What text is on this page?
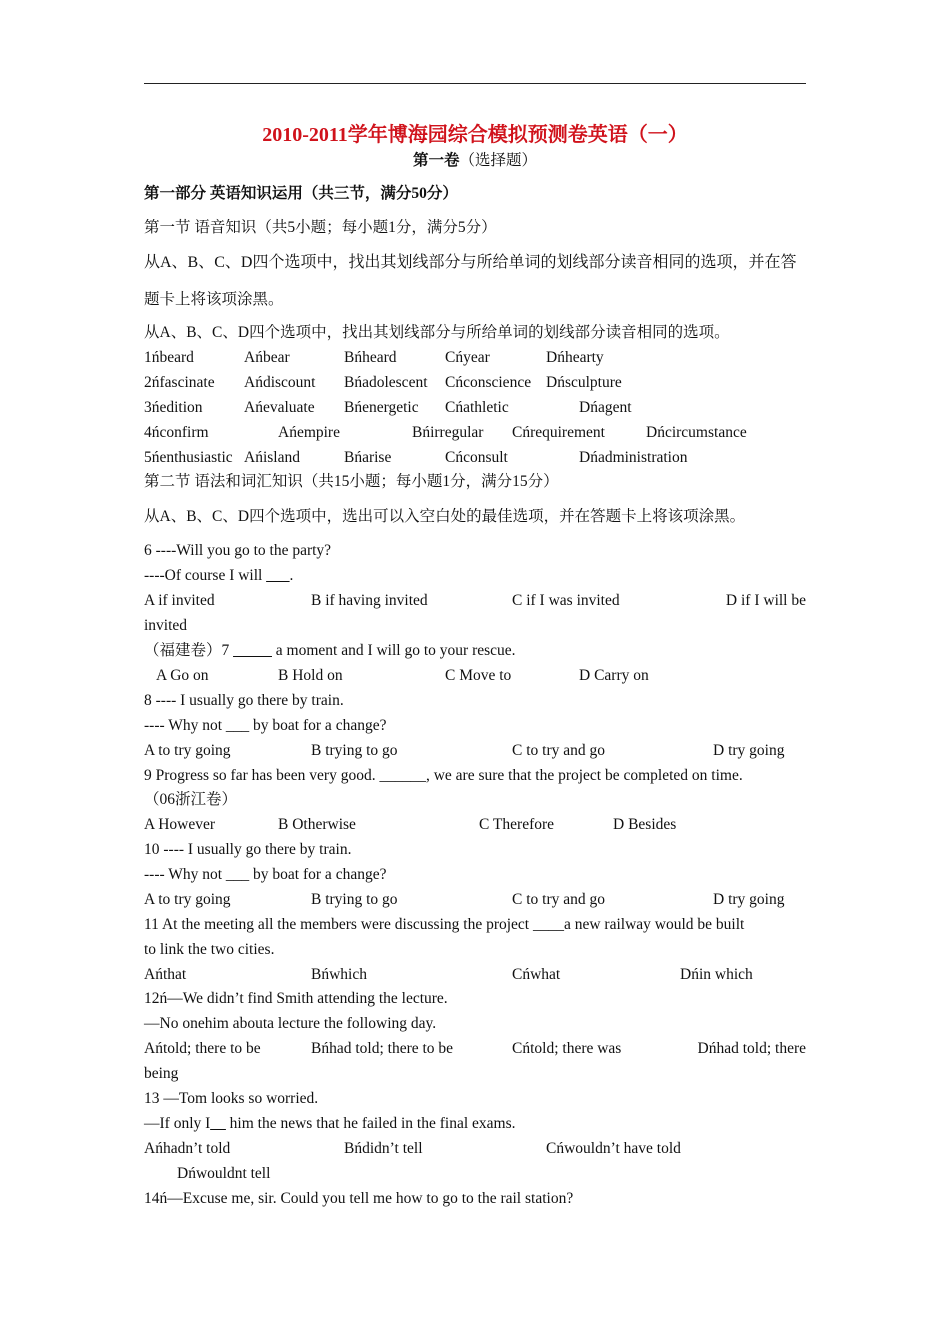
2010-2011学年博海园综合模拟预测卷英语（一）
第一卷（选择题）
第一部分 英语知识运用（共三节，满分50分）
第一节 语音知识（共5小题；每小题1分，满分5分）
从A、B、C、D四个选项中，找出其划线部分与所给单词的划线部分读音相同的选项，并在答
题卡上将该项涂黑。
从A、B、C、D四个选项中，找出其划线部分与所给单词的划线部分读音相同的选项。
1ńbeard	Ańbear	Bńheard	Cńyear	Dńhearty
2ńfascinate Ańdiscount Bńadolescent Cńconscience Dńsculpture
3ńedition	Ańevaluate Bńenergetic Cńathletic	Dńagent
4ńconfirm	Ańempire	Bńirregular Cńrequirement	Dńcircumstance
5ńenthusiastic Ańisland	Bńarise	Cńconsult	Dńadministration
第二节 语法和词汇知识（共15小题；每小题1分，满分15分）
从A、B、C、D四个选项中，选出可以入空白处的最佳选项，并在答题卡上将该项涂黑。
6 ----Will you go to the party?
----Of course I will ___.
A if invited	B if having invited	C if I was invited	D if I will be
invited
（福建卷）7 _____ a moment and I will go to your rescue.
A Go on	B Hold on	C Move to	D Carry on
8 ---- I usually go there by train.
---- Why not ___ by boat for a change?
A to try going	B trying to go	C to try and go	D try going
9 Progress so far has been very good. ______, we are sure that the project be completed on time.
（06浙江卷）
A However	B Otherwise	C Therefore	D Besides
10 ---- I usually go there by train.
---- Why not ___ by boat for a change?
A to try going	B trying to go	C to try and go	D try going
11 At the meeting all the members were discussing the project ____a new railway would be built
to link the two cities.
Ańthat	Bńwhich	Cńwhat	Dńin which
12ń—We didn’t find Smith attending the lecture.
—No onehim abouta lecture the following day.
Ańtold; there to be	Bńhad told; there to be	Cńtold; there was	Dńhad told; there
being
13 —Tom looks so worried.
—If only I__ him the news that he failed in the final exams.
Ańhadn’t told	Bńdidn’t tell	Cńwouldn’t have told
Dńwouldnt tell
14ń—Excuse me, sir. Could you tell me how to go to the rail station?
